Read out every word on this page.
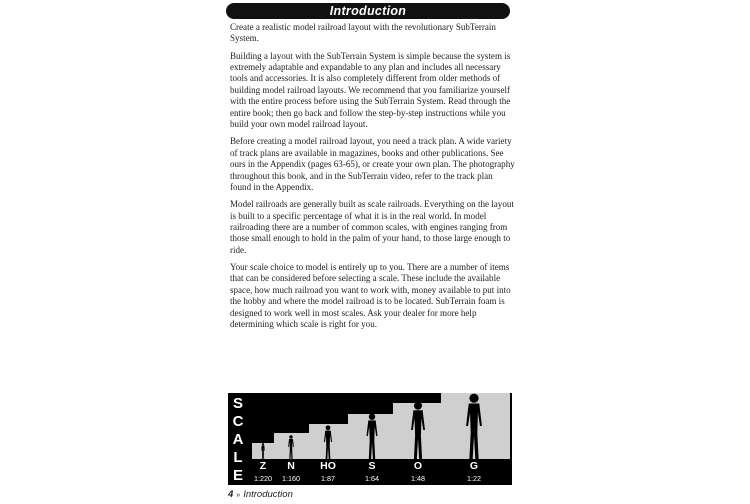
Introduction

Create a realistic model railroad layout with the revolutionary SubTerrain System.

Building a layout with the SubTerrain System is simple because the system is extremely adaptable and expandable to any plan and includes all necessary tools and accessories. It is also completely different from older methods of building model railroad layouts. We recommend that you familiarize yourself with the entire process before using the SubTerrain System. Read through the entire book; then go back and follow the step-by-step instructions while you build your own model railroad layout.

Before creating a model railroad layout, you need a track plan. A wide variety of track plans are available in magazines, books and other publications. See ours in the Appendix (pages 63-65), or create your own plan. The photography throughout this book, and in the SubTerrain video, refer to the track plan found in the Appendix.

Model railroads are generally built as scale railroads. Everything on the layout is built to a specific percentage of what it is in the real world. In model railroading there are a number of common scales, with engines ranging from those small enough to hold in the palm of your hand, to those large enough to ride.

Your scale choice to model is entirely up to you. There are a number of items that can be considered before selecting a scale. These include the available space, how much railroad you want to work with, money available to put into the hobby and where the model railroad is to be located. SubTerrain foam is designed to work well in most scales. Ask your dealer for more help determining which scale is right for you.

S
C
A
L
E
Z
1:220
N
1:160
HO
1:87
S
1:64
O
1:48
G
1:22
4 » Introduction
